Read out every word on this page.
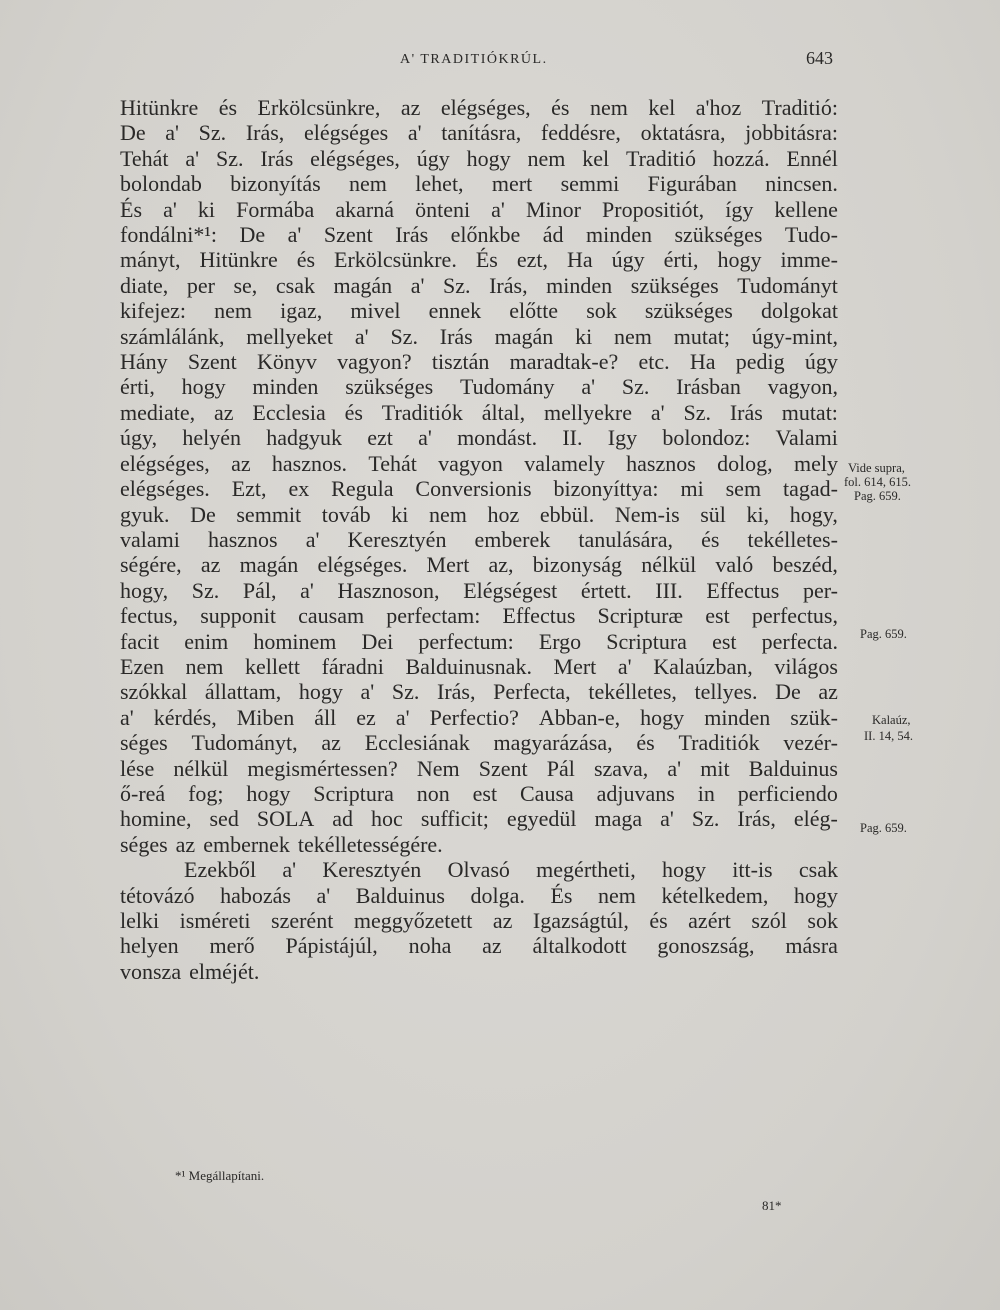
A' TRADITIÓKRÚL.	643
Hitünkre és Erkölcsünkre, az elégséges, és nem kel a'hoz Traditió:
De a' Sz. Irás, elégséges a' tanításra, feddésre, oktatásra, jobbitásra:
Tehát a' Sz. Irás elégséges, úgy hogy nem kel Traditió hozzá. Ennél
bolondab bizonyítás nem lehet, mert semmi Figurában nincsen.
És a' ki Formába akarná önteni a' Minor Propositiót, így kellene
fondálni*¹: De a' Szent Irás előnkbe ád minden szükséges Tudo-
mányt, Hitünkre és Erkölcsünkre. És ezt, Ha úgy érti, hogy imme-
diate, per se, csak magán a' Sz. Irás, minden szükséges Tudományt
kifejez: nem igaz, mivel ennek előtte sok szükséges dolgokat
számlálánk, mellyeket a' Sz. Irás magán ki nem mutat; úgy-mint,
Hány Szent Könyv vagyon? tisztán maradtak-e? etc. Ha pedig úgy
érti, hogy minden szükséges Tudomány a' Sz. Irásban vagyon,
mediate, az Ecclesia és Traditiók által, mellyekre a' Sz. Irás mutat:
úgy, helyén hadgyuk ezt a' mondást. II. Igy bolondoz: Valami
elégséges, az hasznos. Tehát vagyon valamely hasznos dolog, mely
elégséges. Ezt, ex Regula Conversionis bizonyíttya: mi sem tagad-
gyuk. De semmit továb ki nem hoz ebbül. Nem-is sül ki, hogy,
valami hasznos a' Keresztyén emberek tanulására, és tekélletes-
ségére, az magán elégséges. Mert az, bizonyság nélkül való beszéd,
hogy, Sz. Pál, a' Hasznoson, Elégségest értett. III. Effectus per-
fectus, supponit causam perfectam: Effectus Scripturæ est perfectus,
facit enim hominem Dei perfectum: Ergo Scriptura est perfecta.
Ezen nem kellett fáradni Balduinusnak. Mert a' Kalaúzban, világos
szókkal állattam, hogy a' Sz. Irás, Perfecta, tekélletes, tellyes. De az
a' kérdés, Miben áll ez a' Perfectio? Abban-e, hogy minden szük-
séges Tudományt, az Ecclesiának magyarázása, és Traditiók vezér-
lése nélkül megismértessen? Nem Szent Pál szava, a' mit Balduinus
ő-reá fog; hogy Scriptura non est Causa adjuvans in perficiendo
homine, sed SOLA ad hoc sufficit; egyedül maga a' Sz. Irás, elég-
séges az embernek tekélletességére.
Ezekből a' Keresztyén Olvasó megértheti, hogy itt-is csak
tétovázó habozás a' Balduinus dolga. És nem kételkedem, hogy
lelki isméreti szerént meggyőzetett az Igazságtúl, és azért szól sok
helyen merő Pápistájúl, noha az általkodott gonoszság, másra
vonsza elméjét.
Vide supra,
fol. 614, 615.
Pag. 659.
Pag. 659.
Kalaúz,
II. 14, 54.
Pag. 659.
*¹ Megállapítani.
81*
